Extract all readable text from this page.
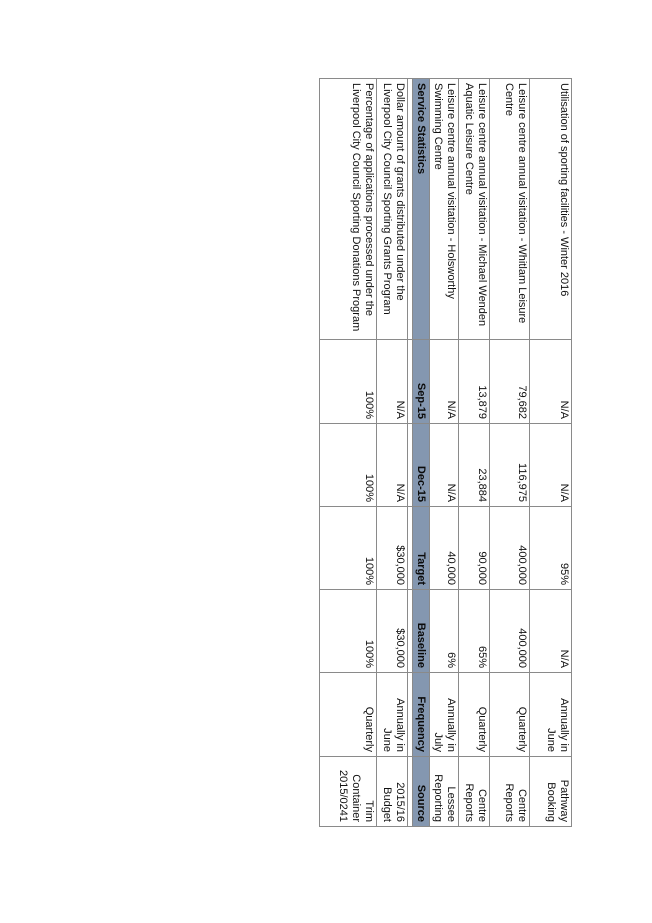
Utilisation of sporting facilities - Winter 2016	N/A	N/A	95%	N/A	Annually in June	Pathway Booking
Leisure centre annual visitation - Whitlam Leisure Centre	79,682	116,975	400,000	400,000	Quarterly	Centre Reports
Leisure centre annual visitation - Michael Wenden Aquatic Leisure Centre	13,879	23,884	90,000	65%	Quarterly	Centre Reports
Leisure centre annual visitation - Holsworthy Swimming Centre	N/A	N/A	40,000	6%	Annually in July	Lessee Reporting
Service Statistics	Sep-15	Dec-15	Target	Baseline	Frequency	Source

Dollar amount of grants distributed under the Liverpool City Council Sporting Grants Program	N/A	N/A	$30,000	$30,000	Annually in June	2015/16 Budget
Percentage of applications processed under the Liverpool City Council Sporting Donations Program	100%	100%	100%	100%	Quarterly	Trim Container 2015/0241
